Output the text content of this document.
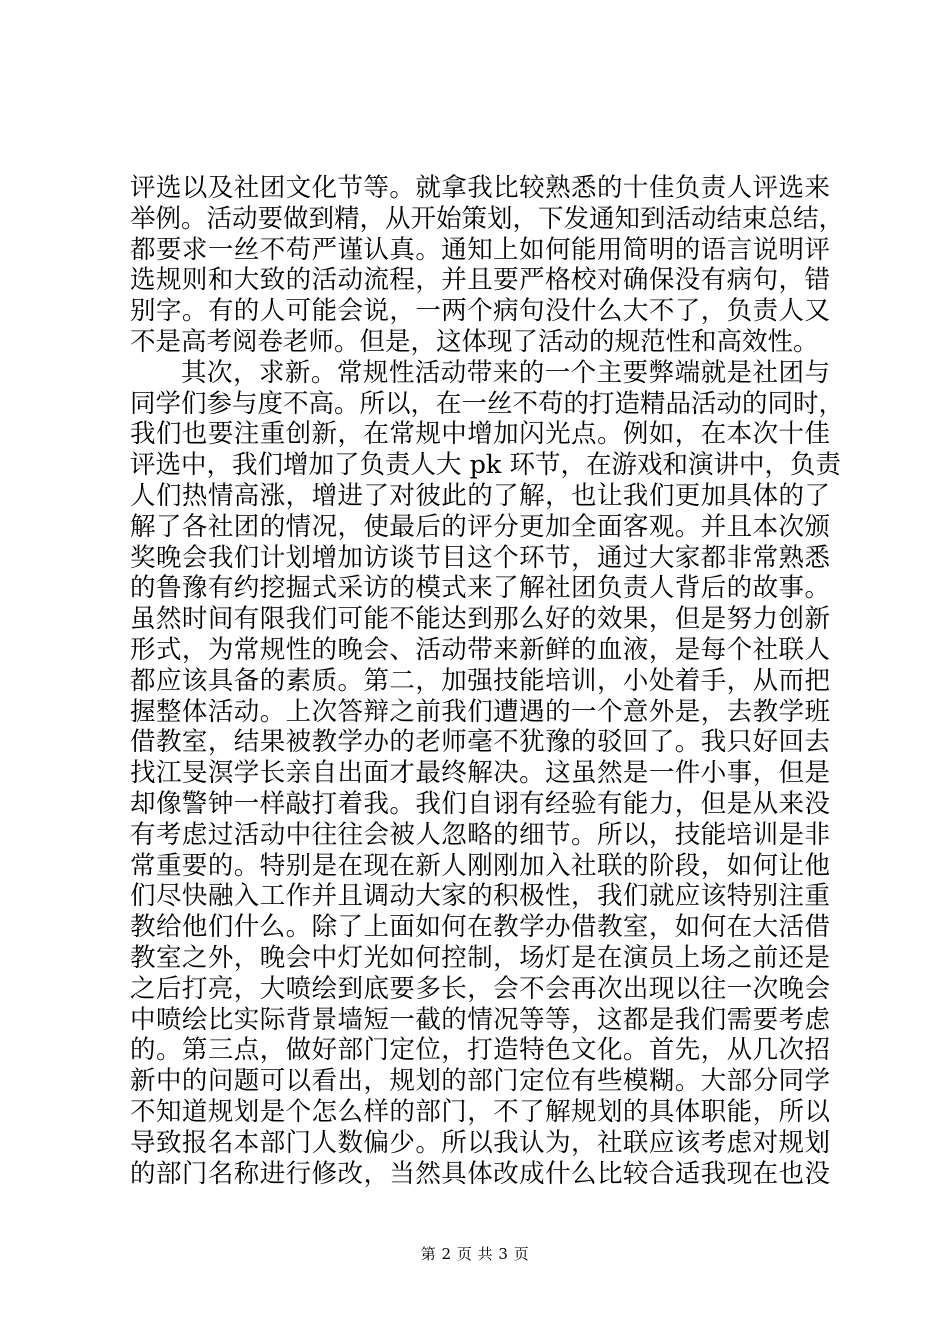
评选以及社团文化节等。就拿我比较熟悉的十佳负责人评选来
举例。活动要做到精，从开始策划，下发通知到活动结束总结，
都要求一丝不苟严谨认真。通知上如何能用简明的语言说明评
选规则和大致的活动流程，并且要严格校对确保没有病句，错
别字。有的人可能会说，一两个病句没什么大不了，负责人又
不是高考阅卷老师。但是，这体现了活动的规范性和高效性。
其次，求新。常规性活动带来的一个主要弊端就是社团与
同学们参与度不高。所以，在一丝不苟的打造精品活动的同时，
我们也要注重创新，在常规中增加闪光点。例如，在本次十佳
评选中，我们增加了负责人大 pk 环节，在游戏和演讲中，负责
人们热情高涨，增进了对彼此的了解，也让我们更加具体的了
解了各社团的情况，使最后的评分更加全面客观。并且本次颁
奖晚会我们计划增加访谈节目这个环节，通过大家都非常熟悉
的鲁豫有约挖掘式采访的模式来了解社团负责人背后的故事。
虽然时间有限我们可能不能达到那么好的效果，但是努力创新
形式，为常规性的晚会、活动带来新鲜的血液，是每个社联人
都应该具备的素质。第二，加强技能培训，小处着手，从而把
握整体活动。上次答辩之前我们遭遇的一个意外是，去教学班
借教室，结果被教学办的老师毫不犹豫的驳回了。我只好回去
找江旻溟学长亲自出面才最终解决。这虽然是一件小事，但是
却像警钟一样敲打着我。我们自诩有经验有能力，但是从来没
有考虑过活动中往往会被人忽略的细节。所以，技能培训是非
常重要的。特别是在现在新人刚刚加入社联的阶段，如何让他
们尽快融入工作并且调动大家的积极性，我们就应该特别注重
教给他们什么。除了上面如何在教学办借教室，如何在大活借
教室之外，晚会中灯光如何控制，场灯是在演员上场之前还是
之后打亮，大喷绘到底要多长，会不会再次出现以往一次晚会
中喷绘比实际背景墙短一截的情况等等，这都是我们需要考虑
的。第三点，做好部门定位，打造特色文化。首先，从几次招
新中的问题可以看出，规划的部门定位有些模糊。大部分同学
不知道规划是个怎么样的部门，不了解规划的具体职能，所以
导致报名本部门人数偏少。所以我认为，社联应该考虑对规划
的部门名称进行修改，当然具体改成什么比较合适我现在也没
第 2 页 共 3 页
